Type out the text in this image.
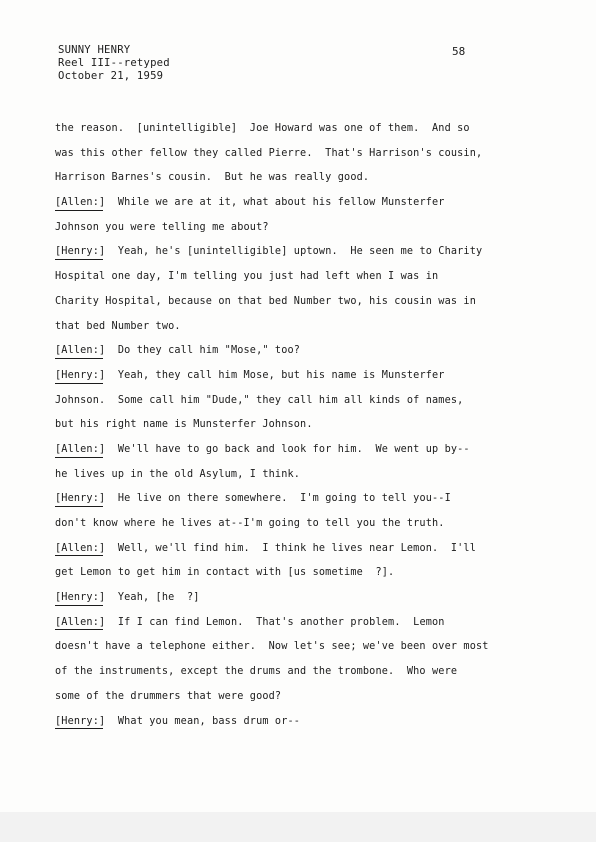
SUNNY HENRY
Reel III--retyped
October 21, 1959
58
the reason.  [unintelligible]  Joe Howard was one of them.  And so
was this other fellow they called Pierre.  That's Harrison's cousin,
Harrison Barnes's cousin.  But he was really good.
[Allen:]  While we are at it, what about his fellow Munsterfer
Johnson you were telling me about?
[Henry:]  Yeah, he's [unintelligible] uptown.  He seen me to Charity
Hospital one day, I'm telling you just had left when I was in
Charity Hospital, because on that bed Number two, his cousin was in
that bed Number two.
[Allen:]  Do they call him "Mose," too?
[Henry:]  Yeah, they call him Mose, but his name is Munsterfer
Johnson.  Some call him "Dude," they call him all kinds of names,
but his right name is Munsterfer Johnson.
[Allen:]  We'll have to go back and look for him.  We went up by--
he lives up in the old Asylum, I think.
[Henry:]  He live on there somewhere.  I'm going to tell you--I
don't know where he lives at--I'm going to tell you the truth.
[Allen:]  Well, we'll find him.  I think he lives near Lemon.  I'll
get Lemon to get him in contact with [us sometime  ?].
[Henry:]  Yeah, [he  ?]
[Allen:]  If I can find Lemon.  That's another problem.  Lemon
doesn't have a telephone either.  Now let's see; we've been over most
of the instruments, except the drums and the trombone.  Who were
some of the drummers that were good?
[Henry:]  What you mean, bass drum or--
